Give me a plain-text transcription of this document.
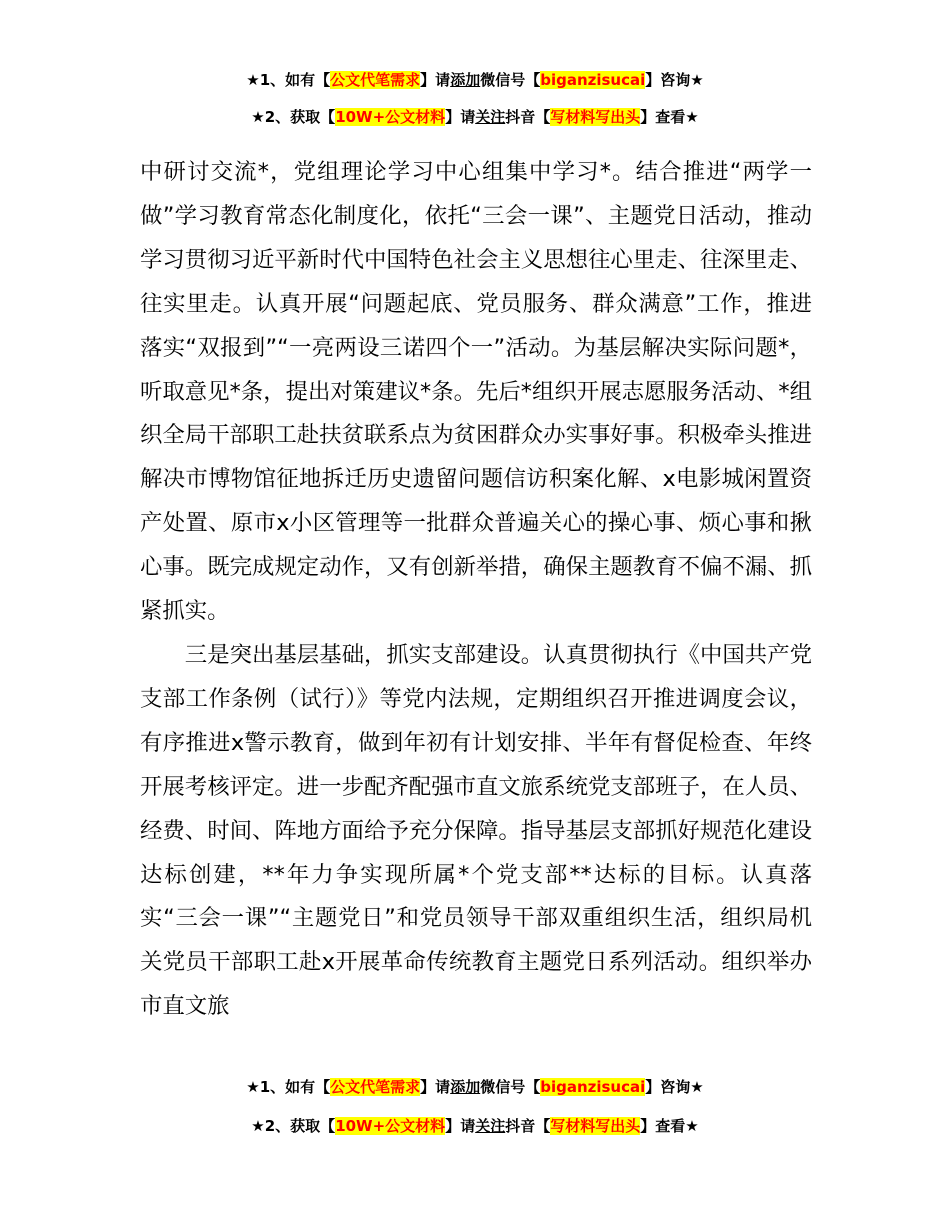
★1、如有【公文代笔需求】请添加微信号【biganzisucai】咨询★
★2、获取【10W+公文材料】请关注抖音【写材料写出头】查看★

中研讨交流*，党组理论学习中心组集中学习*。结合推进“两学一做”学习教育常态化制度化，依托“三会一课”、主题党日活动，推动学习贯彻习近平新时代中国特色社会主义思想往心里走、往深里走、往实里走。认真开展“问题起底、党员服务、群众满意”工作，推进落实“双报到”“一亮两设三诺四个一”活动。为基层解决实际问题*，听取意见*条，提出对策建议*条。先后*组织开展志愿服务活动、*组织全局干部职工赴扶贫联系点为贫困群众办实事好事。积极牵头推进解决市博物馆征地拆迁历史遗留问题信访积案化解、x电影城闲置资产处置、原市x小区管理等一批群众普遍关心的操心事、烦心事和揪心事。既完成规定动作，又有创新举措，确保主题教育不偏不漏、抓紧抓实。

三是突出基层基础，抓实支部建设。认真贯彻执行《中国共产党支部工作条例（试行）》等党内法规，定期组织召开推进调度会议，有序推进x警示教育，做到年初有计划安排、半年有督促检查、年终开展考核评定。进一步配齐配强市直文旅系统党支部班子，在人员、经费、时间、阵地方面给予充分保障。指导基层支部抓好规范化建设达标创建，**年力争实现所属*个党支部**达标的目标。认真落实“三会一课”“主题党日”和党员领导干部双重组织生活，组织局机关党员干部职工赴x开展革命传统教育主题党日系列活动。组织举办市直文旅

★1、如有【公文代笔需求】请添加微信号【biganzisucai】咨询★
★2、获取【10W+公文材料】请关注抖音【写材料写出头】查看★
